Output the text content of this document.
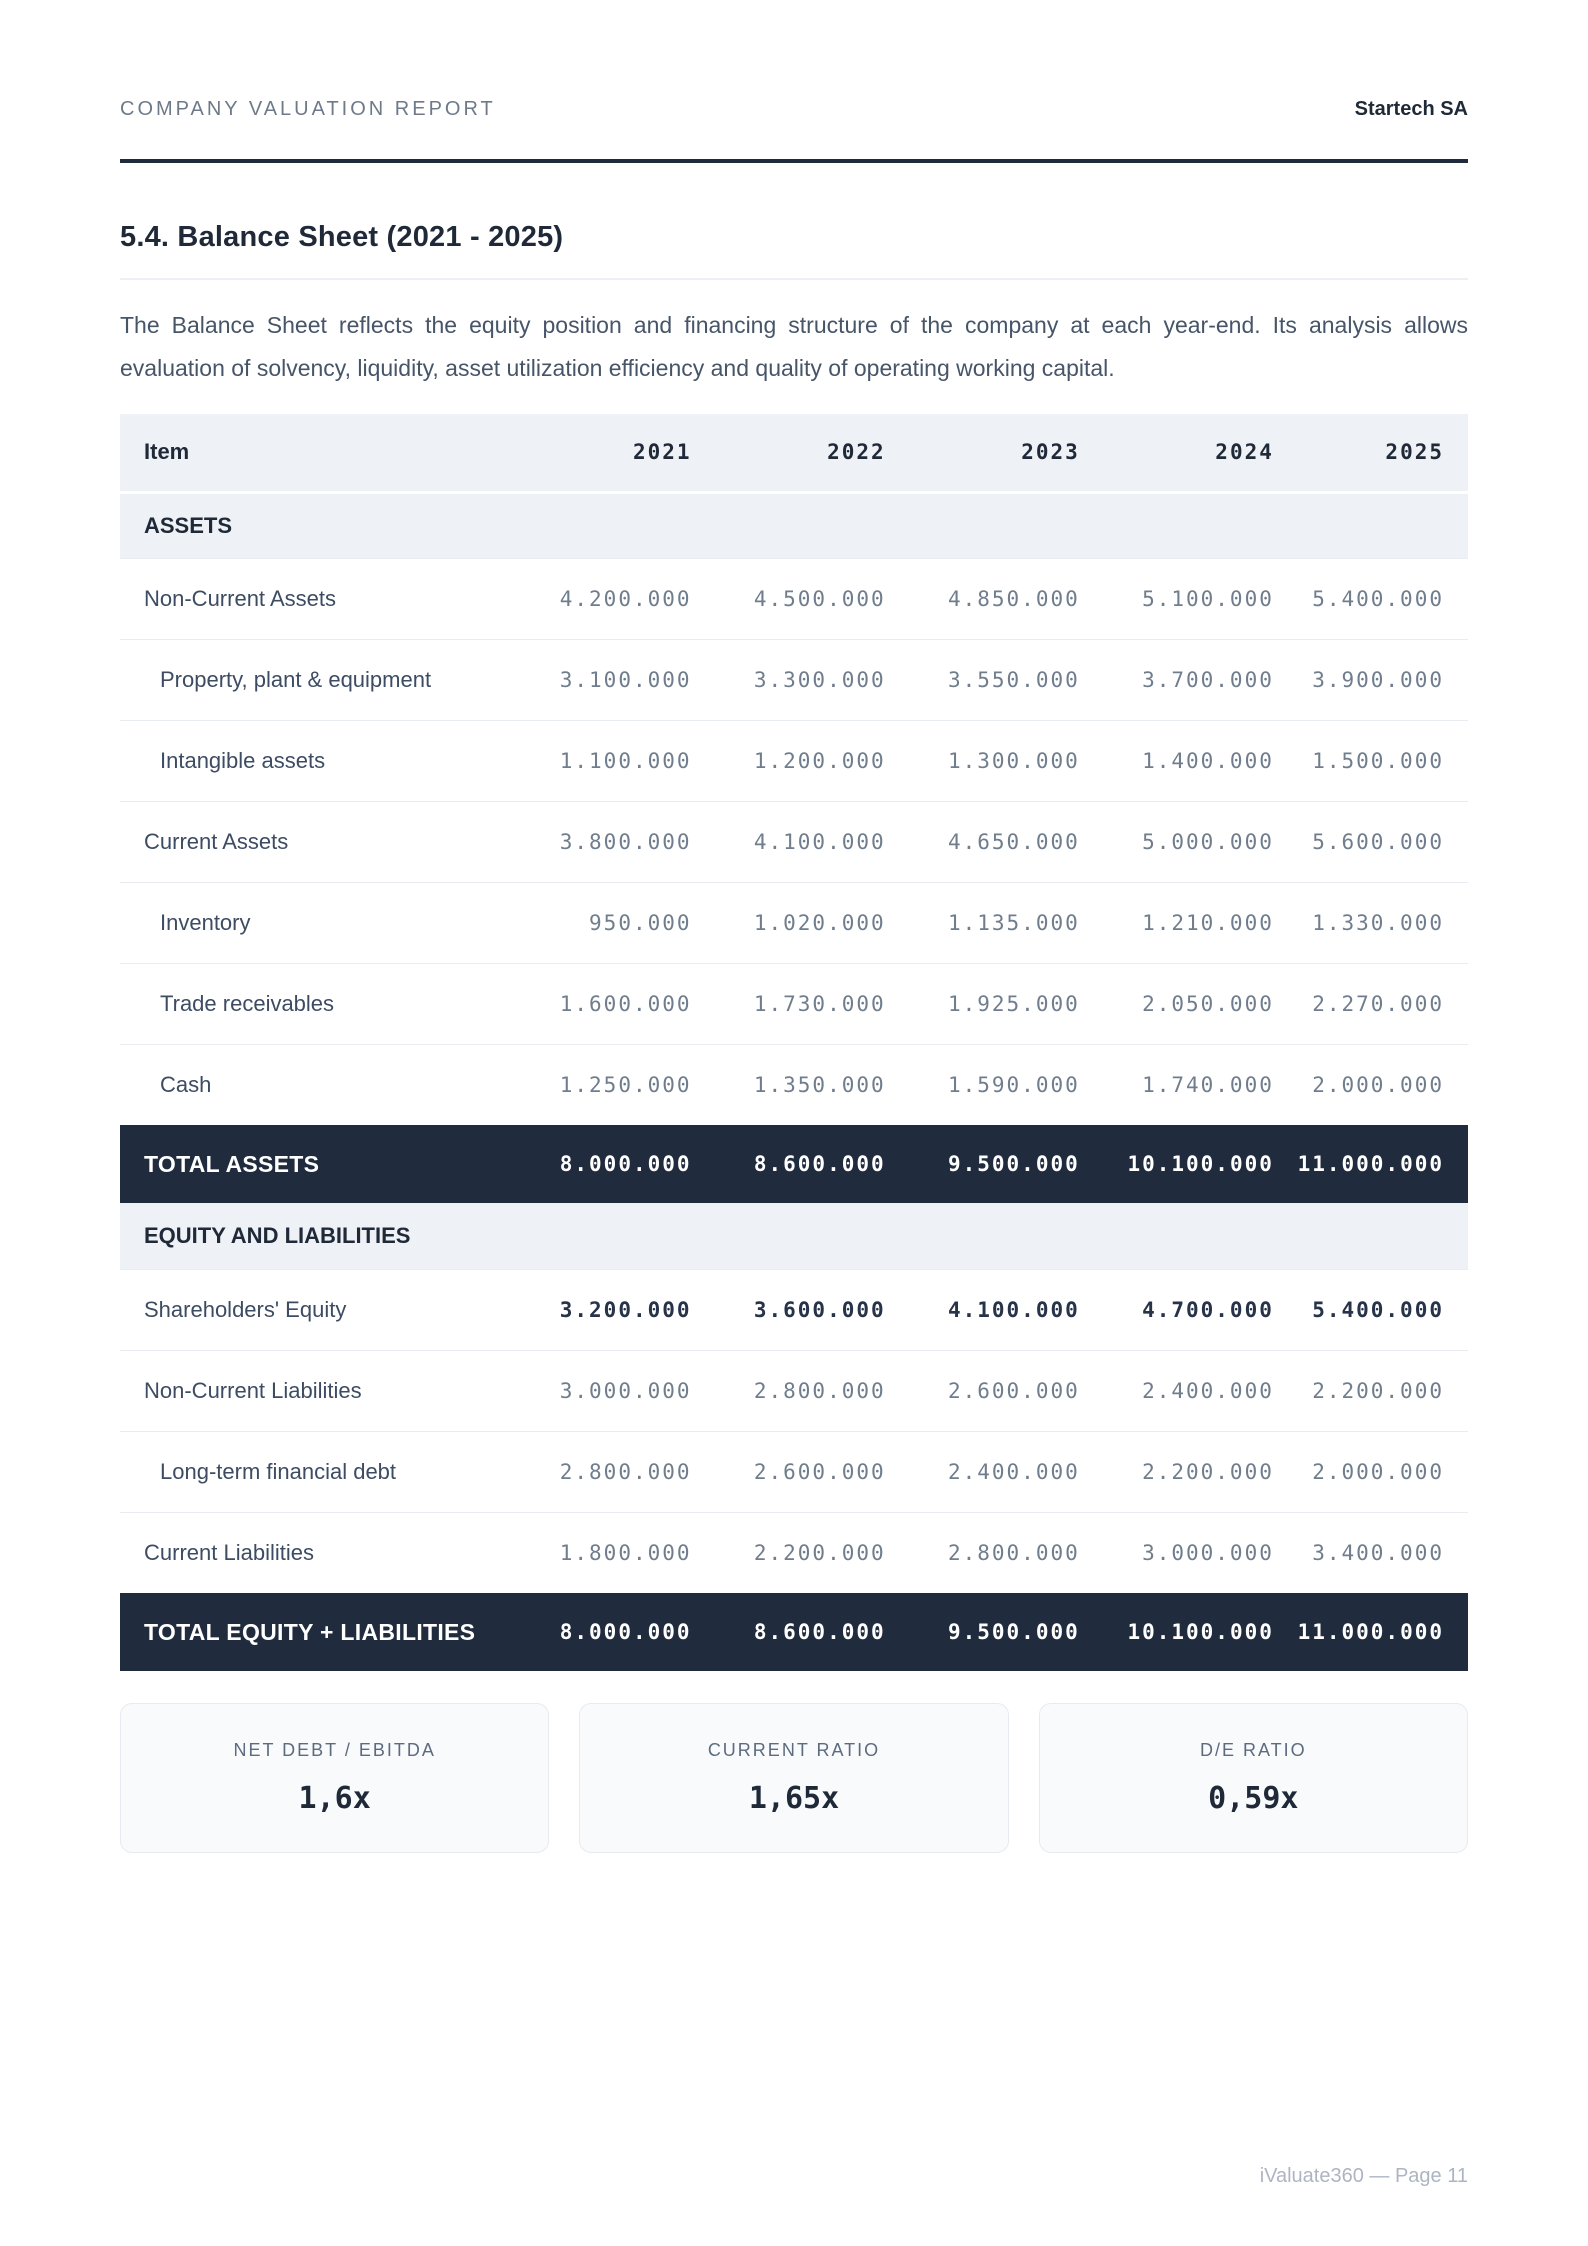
COMPANY VALUATION REPORT	Startech SA
5.4. Balance Sheet (2021 - 2025)

The Balance Sheet reflects the equity position and financing structure of the company at each year-end. Its analysis allows evaluation of solvency, liquidity, asset utilization efficiency and quality of operating working capital.

Item	2021	2022	2023	2024	2025
ASSETS					
Non-Current Assets	4.200.000	4.500.000	4.850.000	5.100.000	5.400.000
Property, plant & equipment	3.100.000	3.300.000	3.550.000	3.700.000	3.900.000
Intangible assets	1.100.000	1.200.000	1.300.000	1.400.000	1.500.000
Current Assets	3.800.000	4.100.000	4.650.000	5.000.000	5.600.000
Inventory	950.000	1.020.000	1.135.000	1.210.000	1.330.000
Trade receivables	1.600.000	1.730.000	1.925.000	2.050.000	2.270.000
Cash	1.250.000	1.350.000	1.590.000	1.740.000	2.000.000
TOTAL ASSETS	8.000.000	8.600.000	9.500.000	10.100.000	11.000.000
EQUITY AND LIABILITIES					
Shareholders' Equity	3.200.000	3.600.000	4.100.000	4.700.000	5.400.000
Non-Current Liabilities	3.000.000	2.800.000	2.600.000	2.400.000	2.200.000
Long-term financial debt	2.800.000	2.600.000	2.400.000	2.200.000	2.000.000
Current Liabilities	1.800.000	2.200.000	2.800.000	3.000.000	3.400.000
TOTAL EQUITY + LIABILITIES	8.000.000	8.600.000	9.500.000	10.100.000	11.000.000
NET DEBT / EBITDA
1,6x
CURRENT RATIO
1,65x
D/E RATIO
0,59x
iValuate360 — Page 11
